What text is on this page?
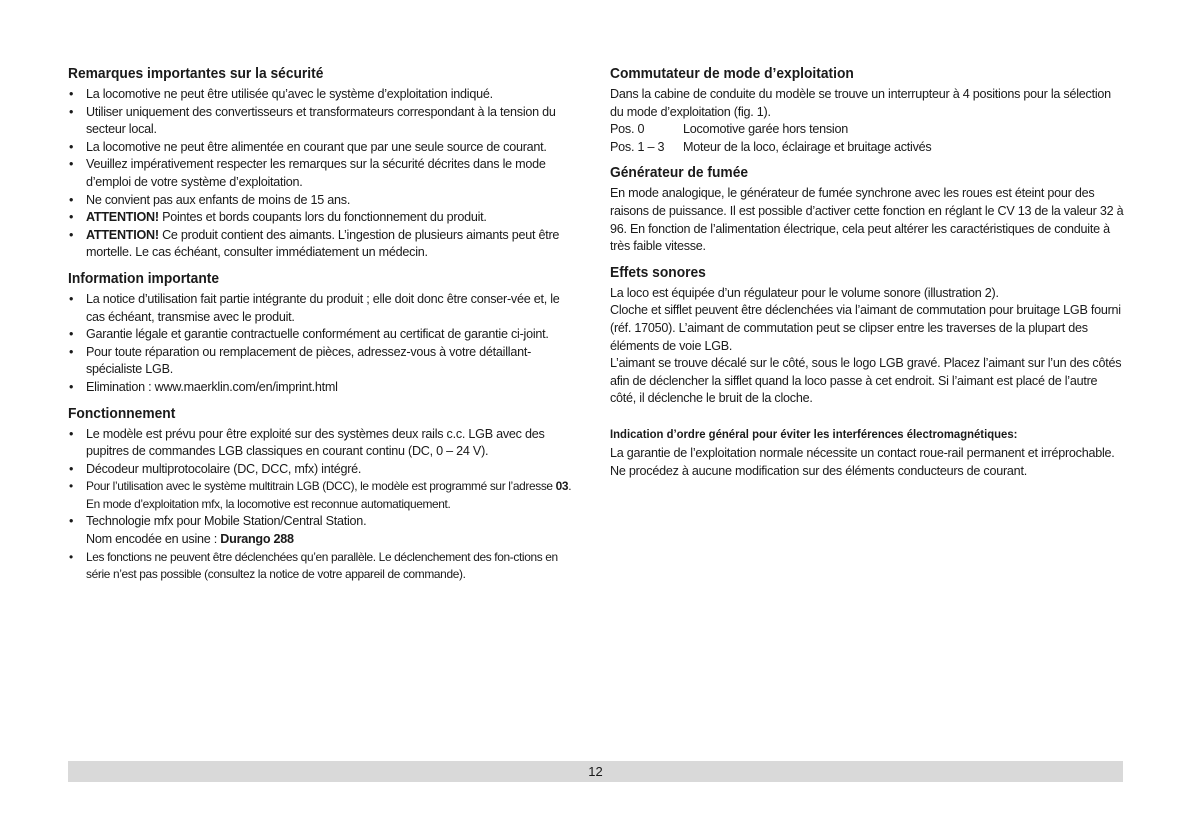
Remarques importantes sur la sécurité
• La locomotive ne peut être utilisée qu’avec le système d’exploitation indiqué.
• Utiliser uniquement des convertisseurs et transformateurs correspondant à la tension du secteur local.
• La locomotive ne peut être alimentée en courant que par une seule source de courant.
• Veuillez impérativement respecter les remarques sur la sécurité décrites dans le mode d’emploi de votre système d’exploitation.
• Ne convient pas aux enfants de moins de 15 ans.
• ATTENTION! Pointes et bords coupants lors du fonctionnement du produit.
• ATTENTION! Ce produit contient des aimants. L’ingestion de plusieurs aimants peut être mortelle. Le cas échéant, consulter immédiatement un médecin.
Information importante
• La notice d’utilisation fait partie intégrante du produit ; elle doit donc être conser-vée et, le cas échéant, transmise avec le produit.
• Garantie légale et garantie contractuelle conformément au certificat de garantie ci-joint.
• Pour toute réparation ou remplacement de pièces, adressez-vous à votre détaillant-spécialiste LGB.
• Elimination : www.maerklin.com/en/imprint.html
Fonctionnement
• Le modèle est prévu pour être exploité sur des systèmes deux rails c.c. LGB avec des pupitres de commandes LGB classiques en courant continu (DC, 0 – 24 V).
• Décodeur multiprotocolaire (DC, DCC, mfx) intégré.
• Pour l’utilisation avec le système multitrain LGB (DCC), le modèle est programmé sur l’adresse 03. En mode d’exploitation mfx, la locomotive est reconnue automatiquement.
• Technologie mfx pour Mobile Station/Central Station.
Nom encodée en usine : Durango 288
• Les fonctions ne peuvent être déclenchées qu’en parallèle. Le déclenchement des fon-ctions en série n’est pas possible (consultez la notice de votre appareil de commande).
Commutateur de mode d’exploitation

Dans la cabine de conduite du modèle se trouve un interrupteur à 4 positions pour la sélection du mode d’exploitation (fig. 1).

Pos. 0	Locomotive garée hors tension
Pos. 1 – 3	Moteur de la loco, éclairage et bruitage activés
Générateur de fumée

En mode analogique, le générateur de fumée synchrone avec les roues est éteint pour des raisons de puissance. Il est possible d’activer cette fonction en réglant le CV 13 de la valeur 32 à 96. En fonction de l’alimentation électrique, cela peut altérer les caractéristiques de conduite à très faible vitesse.

Effets sonores

La loco est équipée d’un régulateur pour le volume sonore (illustration 2).

Cloche et sifflet peuvent être déclenchées via l’aimant de commutation pour bruitage LGB fourni (réf. 17050). L’aimant de commutation peut se clipser entre les traverses de la plupart des éléments de voie LGB.

L’aimant se trouve décalé sur le côté, sous le logo LGB gravé. Placez l’aimant sur l’un des côtés afin de déclencher la sifflet quand la loco passe à cet endroit. Si l’aimant est placé de l’autre côté, il déclenche le bruit de la cloche.

Indication d’ordre général pour éviter les interférences électromagnétiques:

La garantie de l’exploitation normale nécessite un contact roue-rail permanent et irréprochable. Ne procédez à aucune modification sur des éléments conducteurs de courant.

12
